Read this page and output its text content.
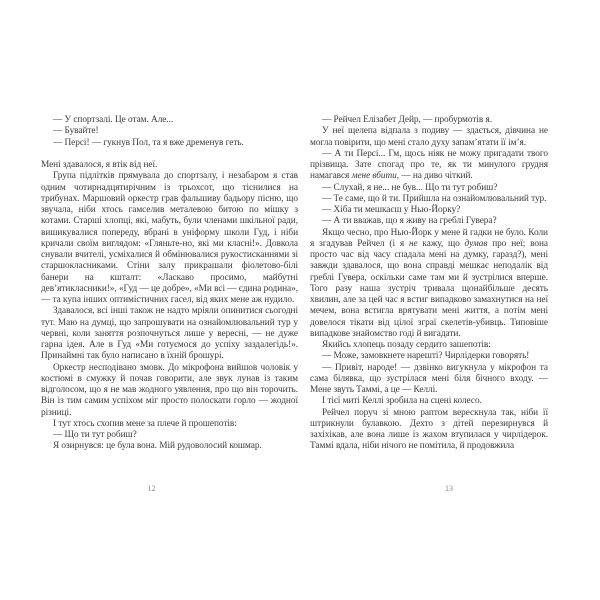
— У спортзалі. Це отам. Але...

— Бувайте!

— Персі! — гукнув Пол, та я вже дременув геть.

Мені здавалося, я втік від неї.

Група підлітків прямувала до спортзалу, і незабаром я став одним чотирнадцятирічним із трьохсот, що тіснилися на трибунах. Маршовий оркестр грав фальшиву бадьору пісню, що звучала, ніби хтось гамселив металевою битою по мішку з котами. Старші хлопці, які, мабуть, були членами шкільної ради, вишикувалися попереду, вбрані в уніформу школи Гуд, і ніби кричали своїм виглядом: «Гляньте-но, які ми класні!». Довкола снували вчителі, усміхалися й обмінювалися рукостисканнями зі старшокласниками. Стіни залу прикрашали фіолетово-білі банери на кшталт: «Ласкаво просимо, майбутні дев’ятикласники!», «Гуд — це добре», «Ми всі — єдина родина», — та купа інших оптимістичних гасел, від яких мене аж нудило.

Здавалося, всі інші також не надто мріяли опинитися сьогодні тут. Маю на думці, що запрошувати на ознайомлювальний тур у червні, коли заняття розпочнуться лише у вересні, — не дуже гарна ідея. Але в Гуд «Ми готуємося до успіху заздалегідь!». Принаймні так було написано в їхній брошурі.

Оркестр несподівано змовк. До мікрофона вийшов чоловік у костюмі в смужку й почав говорити, але звук лунав із таким відголосом, що я не мав жодного уявлення, про що він торочить. Він із тим самим успіхом міг просто полоскати горло — жодної різниці.

І тут хтось схопив мене за плече й прошепотів:

— Що ти тут робиш?

Я озирнувся: це була вона. Мій рудоволосий кошмар.

12

— Рейчел Елізабет Дейр, — пробурмотів я.

У неї щелепа відпала з подиву — здається, дівчина не могла повірити, що мені стало духу запам’ятати її ім’я.

— А ти Персі... Гм, щось ніяк не можу пригадати твого прізвища. Зате спогад про те, як ти минулого грудня намагався мене вбити, — на диво чіткий.

— Слухай, я не... не був... Що ти тут робиш?

— Те саме, що й ти. Прийшла на ознайомлювальний тур.

— Хіба ти мешкаєш у Нью-Йорку?

— А ти вважав, що я живу на греблі Гувера?

Якщо чесно, про Нью-Йорк у мене й гадки не було. Коли я згадував Рейчел (і я не кажу, що думав про неї; вона просто час від часу спадала мені на думку, гаразд?), мені завжди здавалося, що вона справді мешкає неподалік від греблі Гувера, оскільки саме там ми й зустрілися вперше. Того разу наша зустріч тривала щонайбільше десять хвилин, але за цей час я встиг випадково замахнутися на неї мечем, вона встигла врятувати мені життя, а потім мені довелося тікати від цілої зграї скелетів-убивць. Типовіше випадкове знайомство годі й вигадати.

Якийсь хлопець позаду сердито зашепотів:

— Може, замовкнете нарешті? Чирлідерки говорять!

— Привіт, народе! — дзвінко вигукнула у мікрофон та сама білявка, що зустрілася мені біля бічного входу. — Мене звуть Таммі, а це — Келлі.

І тієї миті Келлі зробила на сцені колесо.

Рейчел поруч зі мною раптом верескнула так, ніби її штрикнули булавкою. Дехто з дітей перезирнувся й захіхікав, але вона лише із жахом втупилася у чирлідерок. Таммі вдала, ніби нічого не помітила, й продовжила

13
